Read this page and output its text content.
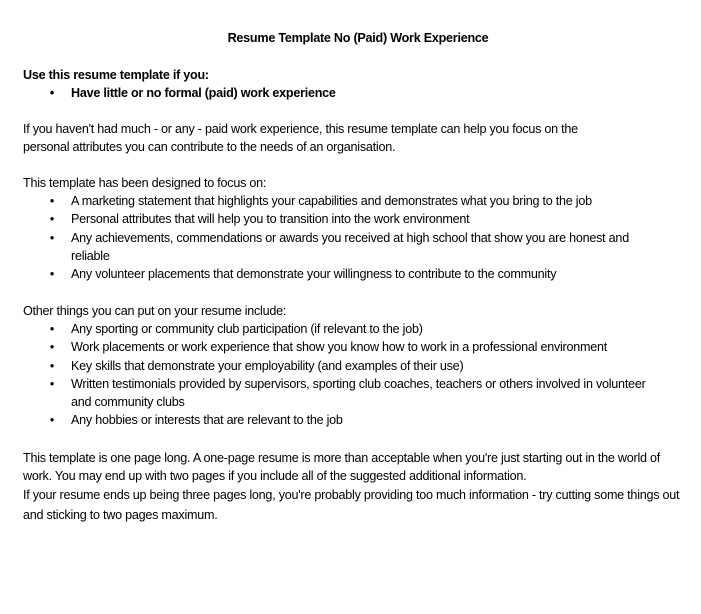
Resume Template No (Paid) Work Experience

Use this resume template if you:

• Have little or no formal (paid) work experience

If you haven't had much - or any - paid work experience, this resume template can help you focus on the

personal attributes you can contribute to the needs of an organisation.

This template has been designed to focus on:

• A marketing statement that highlights your capabilities and demonstrates what you bring to the job
• Personal attributes that will help you to transition into the work environment
• Any achievements, commendations or awards you received at high school that show you are honest and reliable
• Any volunteer placements that demonstrate your willingness to contribute to the community

Other things you can put on your resume include:

• Any sporting or community club participation (if relevant to the job)
• Work placements or work experience that show you know how to work in a professional environment
• Key skills that demonstrate your employability (and examples of their use)
• Written testimonials provided by supervisors, sporting club coaches, teachers or others involved in volunteer and community clubs
• Any hobbies or interests that are relevant to the job

This template is one page long. A one-page resume is more than acceptable when you're just starting out in the world of work. You may end up with two pages if you include all of the suggested additional information.

If your resume ends up being three pages long, you're probably providing too much information - try cutting some things out and sticking to two pages maximum.
